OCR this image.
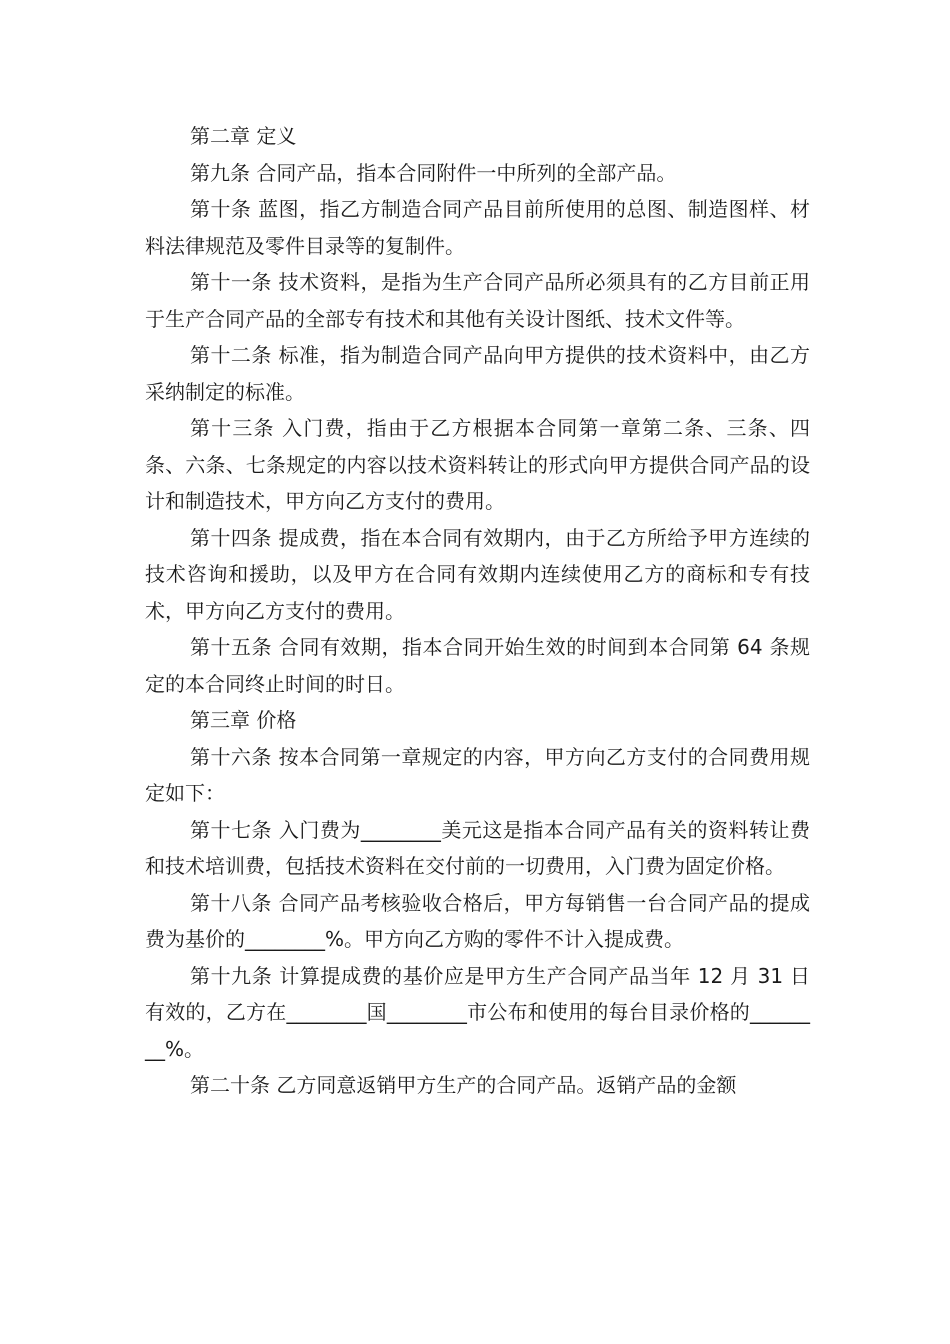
第二章 定义

第九条 合同产品，指本合同附件一中所列的全部产品。

第十条 蓝图，指乙方制造合同产品目前所使用的总图、制造图样、材料法律规范及零件目录等的复制件。

第十一条 技术资料，是指为生产合同产品所必须具有的乙方目前正用于生产合同产品的全部专有技术和其他有关设计图纸、技术文件等。

第十二条 标准，指为制造合同产品向甲方提供的技术资料中，由乙方采纳制定的标准。

第十三条 入门费，指由于乙方根据本合同第一章第二条、三条、四条、六条、七条规定的内容以技术资料转让的形式向甲方提供合同产品的设计和制造技术，甲方向乙方支付的费用。

第十四条 提成费，指在本合同有效期内，由于乙方所给予甲方连续的技术咨询和援助，以及甲方在合同有效期内连续使用乙方的商标和专有技术，甲方向乙方支付的费用。

第十五条 合同有效期，指本合同开始生效的时间到本合同第 64 条规定的本合同终止时间的时日。

第三章 价格

第十六条 按本合同第一章规定的内容，甲方向乙方支付的合同费用规定如下：

第十七条 入门费为________美元这是指本合同产品有关的资料转让费和技术培训费，包括技术资料在交付前的一切费用，入门费为固定价格。

第十八条 合同产品考核验收合格后，甲方每销售一台合同产品的提成费为基价的________%。甲方向乙方购的零件不计入提成费。

第十九条 计算提成费的基价应是甲方生产合同产品当年 12 月 31 日有效的，乙方在________国________市公布和使用的每台目录价格的________%。

第二十条 乙方同意返销甲方生产的合同产品。返销产品的金额
